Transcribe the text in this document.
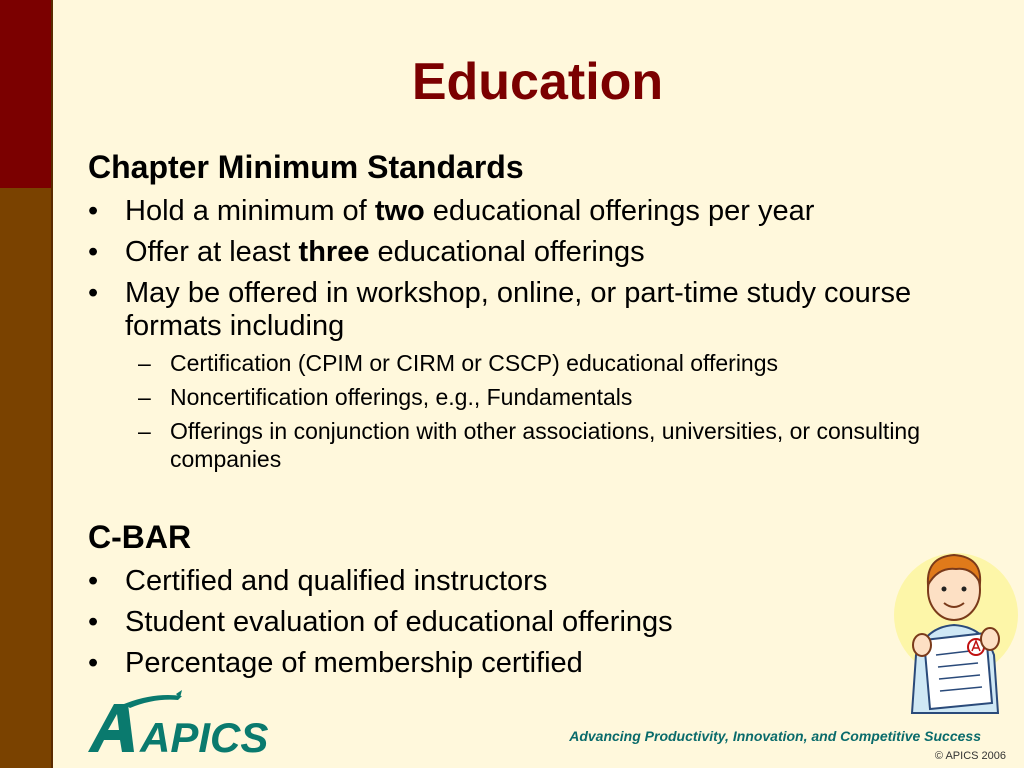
Education
Chapter Minimum Standards
• Hold a minimum of two educational offerings per year
• Offer at least three educational offerings
• May be offered in workshop, online, or part-time study course formats including
– Certification (CPIM or CIRM or CSCP) educational offerings
– Noncertification offerings, e.g., Fundamentals
– Offerings in conjunction with other associations, universities, or consulting companies
C-BAR
• Certified and qualified instructors
• Student evaluation of educational offerings
• Percentage of membership certified
APICS	Advancing Productivity, Innovation, and Competitive Success
© APICS 2006
